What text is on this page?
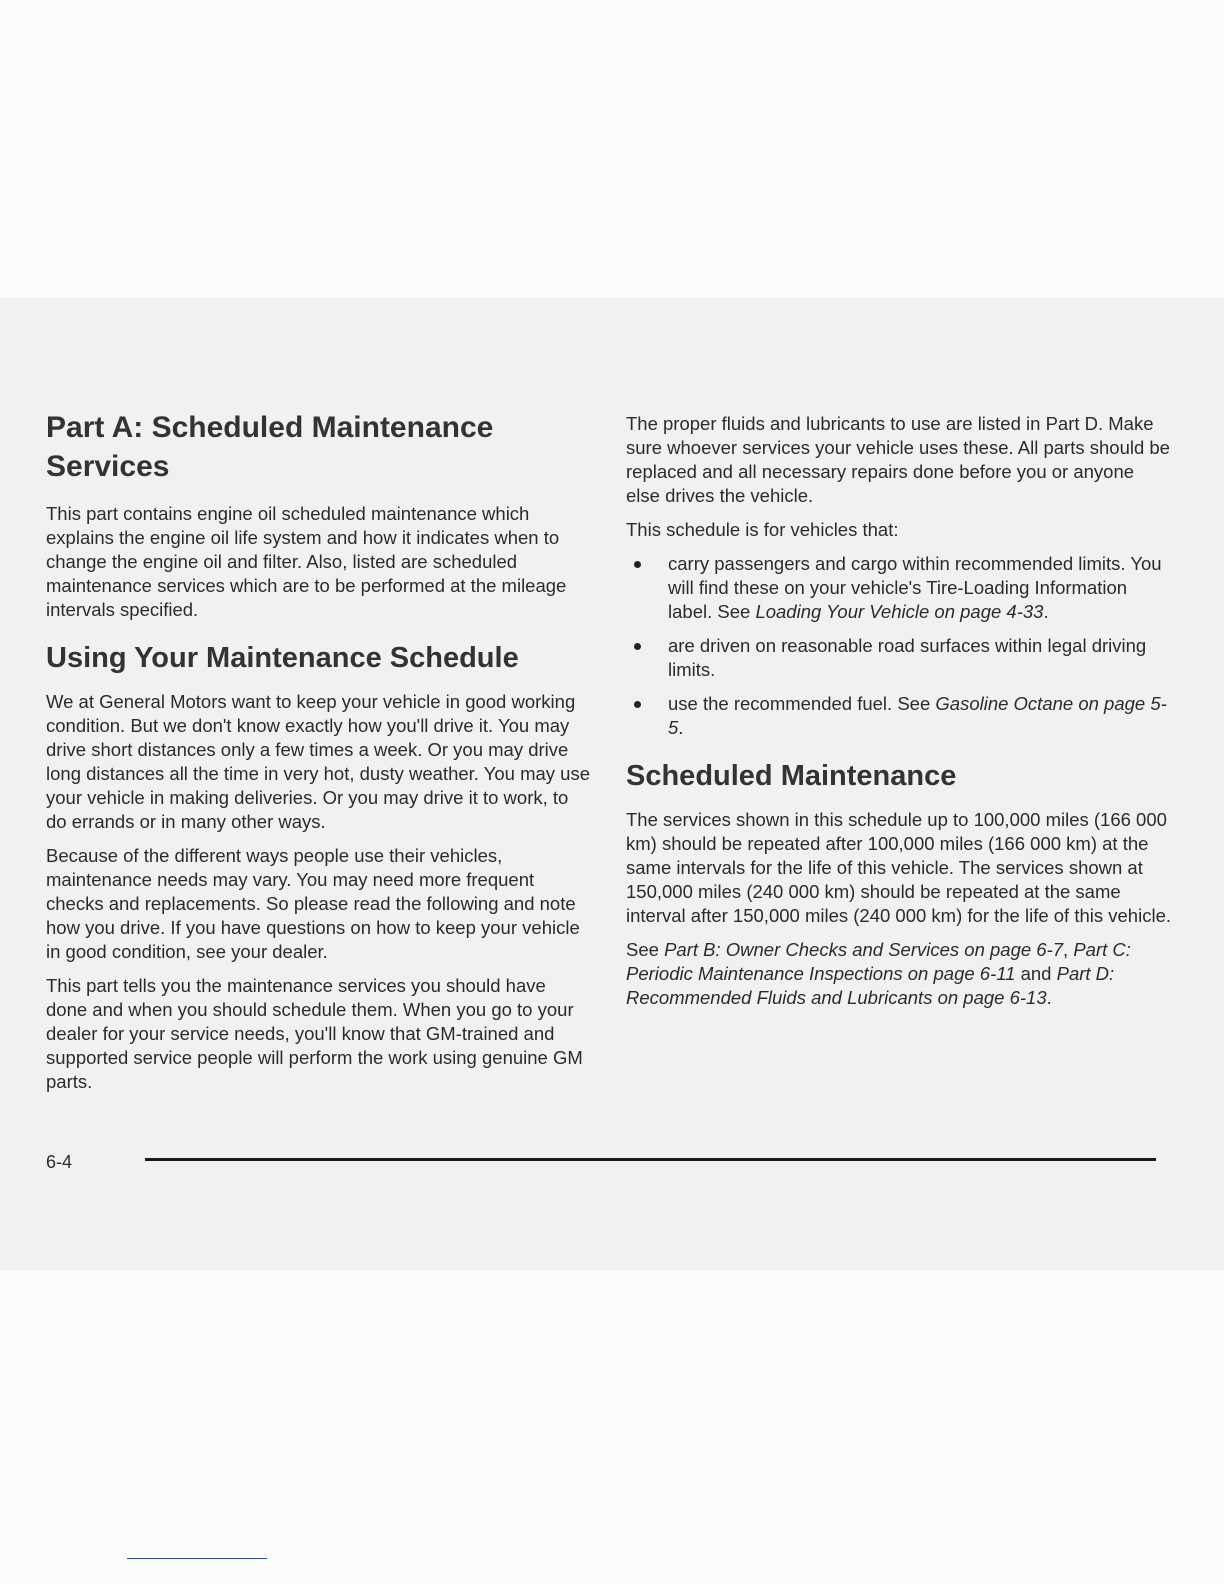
Part A: Scheduled Maintenance Services

This part contains engine oil scheduled maintenance which explains the engine oil life system and how it indicates when to change the engine oil and filter. Also, listed are scheduled maintenance services which are to be performed at the mileage intervals specified.

Using Your Maintenance Schedule

We at General Motors want to keep your vehicle in good working condition. But we don't know exactly how you'll drive it. You may drive short distances only a few times a week. Or you may drive long distances all the time in very hot, dusty weather. You may use your vehicle in making deliveries. Or you may drive it to work, to do errands or in many other ways.

Because of the different ways people use their vehicles, maintenance needs may vary. You may need more frequent checks and replacements. So please read the following and note how you drive. If you have questions on how to keep your vehicle in good condition, see your dealer.

This part tells you the maintenance services you should have done and when you should schedule them. When you go to your dealer for your service needs, you'll know that GM-trained and supported service people will perform the work using genuine GM parts.

The proper fluids and lubricants to use are listed in Part D. Make sure whoever services your vehicle uses these. All parts should be replaced and all necessary repairs done before you or anyone else drives the vehicle.

This schedule is for vehicles that:

carry passengers and cargo within recommended limits. You will find these on your vehicle's Tire-Loading Information label. See Loading Your Vehicle on page 4-33.
are driven on reasonable road surfaces within legal driving limits.
use the recommended fuel. See Gasoline Octane on page 5-5.
Scheduled Maintenance

The services shown in this schedule up to 100,000 miles (166 000 km) should be repeated after 100,000 miles (166 000 km) at the same intervals for the life of this vehicle. The services shown at 150,000 miles (240 000 km) should be repeated at the same interval after 150,000 miles (240 000 km) for the life of this vehicle.

See Part B: Owner Checks and Services on page 6-7, Part C: Periodic Maintenance Inspections on page 6-11 and Part D: Recommended Fluids and Lubricants on page 6-13.

6-4
